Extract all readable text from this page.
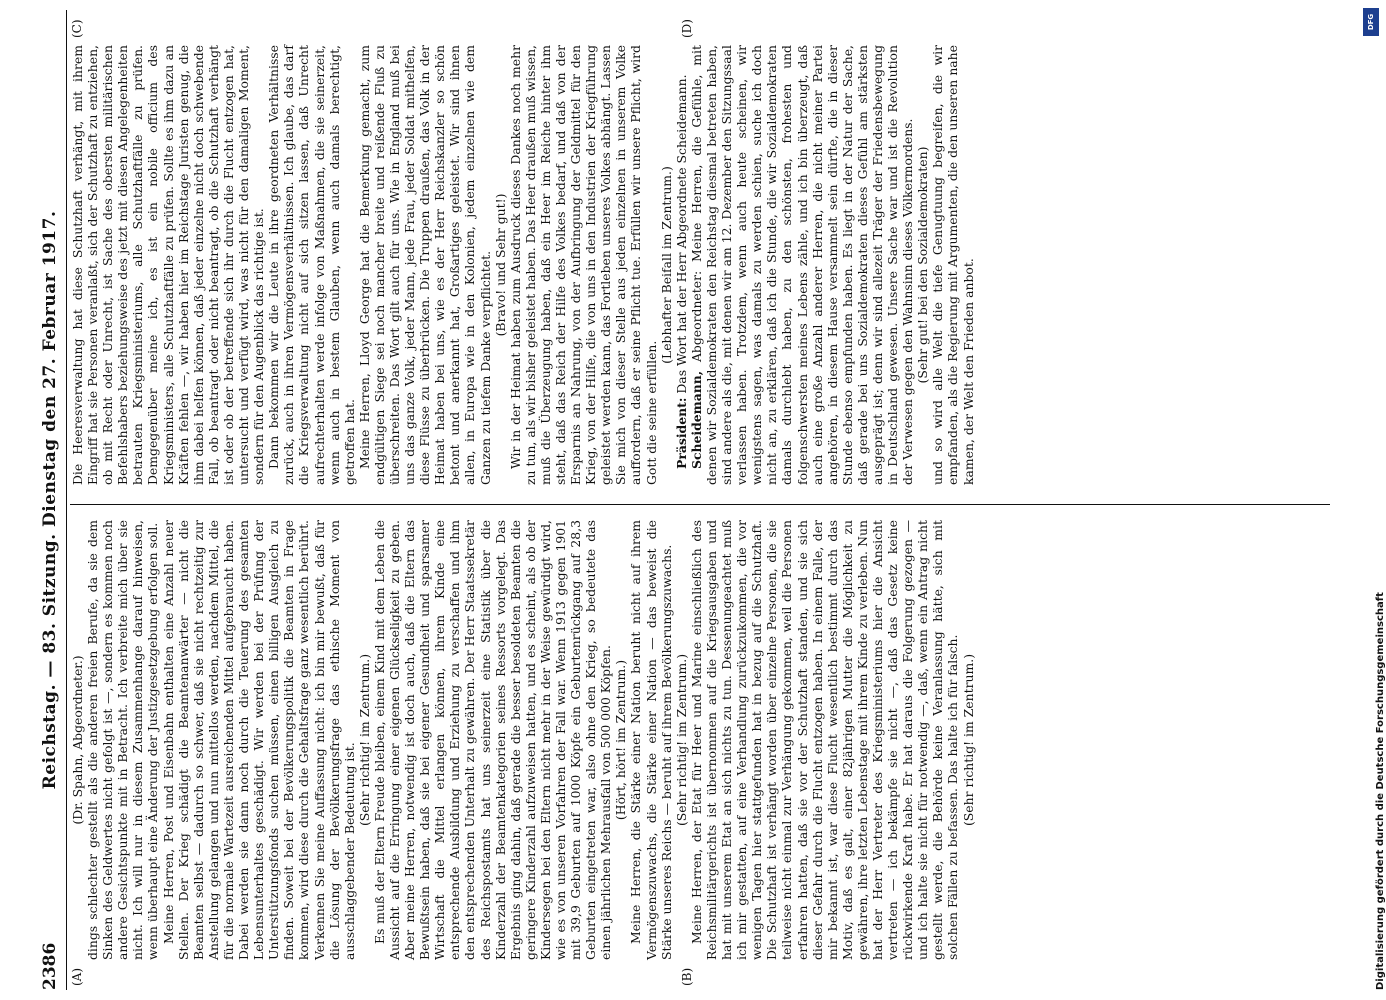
2386
Reichstag. — 83. Sitzung. Dienstag den 27. Februar 1917.
(A)	(B)
(C)	(D)

(Dr. Spahn, Abgeordneter.) dings schlechter gestellt als die anderen freien Berufe, da sie dem Sinken des Geldwertes nicht gefolgt ist —, sondern es kommen noch andere Gesichtspunkte mit in Betracht. Ich verbreite mich über sie nicht. Ich will nur in diesem Zusammenhange darauf hinweisen, wenn überhaupt eine Änderung der Justizgesetzgebung erfolgen soll. Meine Herren, Post und Eisenbahn enthalten eine Anzahl neuer Stellen. Der Krieg schädigt die Beamtenanwärter — nicht die Beamten selbst — dadurch so schwer, daß sie nicht rechtzeitig zur Anstellung gelangen und nun mittellos werden, nachdem Mittel, die für die normale Wartezeit ausreichenden Mittel aufgebraucht haben. Dabei werden sie dann noch durch die Teuerung des gesamten Lebensunterhaltes geschädigt. Wir werden bei der Prüfung der Unterstützungsfonds suchen müssen, einen billigen Ausgleich zu finden. Soweit bei der Bevölkerungspolitik die Beamten in Frage kommen, wird diese durch die Gehaltsfrage ganz wesentlich berührt. Verkennen Sie meine Auffassung nicht: ich bin mir bewußt, daß für die Lösung der Bevölkerungsfrage das ethische Moment von ausschlaggebender Bedeutung ist.

(Sehr richtig! im Zentrum.) Es muß der Eltern Freude bleiben, einem Kind mit dem Leben die Aussicht auf die Erringung einer eigenen Glückseligkeit zu geben. Aber meine Herren, notwendig ist doch auch, daß die Eltern das Bewußtsein haben, daß sie bei eigener Gesundheit und sparsamer Wirtschaft die Mittel erlangen können, ihrem Kinde eine entsprechende Ausbildung und Erziehung zu verschaffen und ihm den entsprechenden Unterhalt zu gewähren. Der Herr Staatssekretär des Reichspostamts hat uns seinerzeit eine Statistik über die Kinderzahl der Beamtenkategorien seines Ressorts vorgelegt. Das Ergebnis ging dahin, daß gerade die besser besoldeten Beamten die geringere Kinderzahl aufzuweisen hatten, und es scheint, als ob der Kindersegen bei den Eltern nicht mehr in der Weise gewürdigt wird, wie es von unseren Vorfahren der Fall war. Wenn 1913 gegen 1901 mit 39,9 Geburten auf 1000 Köpfe ein Geburtenrückgang auf 28,3 Geburten eingetreten war, also ohne den Krieg, so bedeutete das einen jährlichen Mehrausfall von 500 000 Köpfen. (Hört, hört! im Zentrum.) Meine Herren, die Stärke einer Nation beruht nicht auf ihrem Vermögenszuwachs, die Stärke einer Nation — das beweist die Stärke unseres Reichs — beruht auf ihrem Bevölkerungszuwachs. (Sehr richtig! im Zentrum.) Meine Herren, der Etat für Heer und Marine einschließlich des Reichsmilitärgerichts ist übernommen auf die Kriegsausgaben und hat mit unserem Etat an sich nichts zu tun. Dessenungeachtet muß ich mir gestatten, auf eine Verhandlung zurückzukommen, die vor wenigen Tagen hier stattgefunden hat in bezug auf die Schutzhaft. Die Schutzhaft ist verhängt worden über einzelne Personen, die sie teilweise nicht einmal zur Verhängung gekommen, weil die Personen erfahren hatten, daß sie vor der Schutzhaft standen, und sie sich dieser Gefahr durch die Flucht entzogen haben. In einem Falle, der mir bekannt ist, war diese Flucht wesentlich bestimmt durch das Motiv, daß es galt, einer 82jährigen Mutter die Möglichkeit zu gewähren, ihre letzten Lebenstage mit ihrem Kinde zu verleben. Nun hat der Herr Vertreter des Kriegsministeriums hier die Ansicht vertreten — ich bekämpfe sie nicht —, daß das Gesetz keine rückwirkende Kraft habe. Er hat daraus die Folgerung gezogen — und ich halte sie nicht für notwendig —, daß, wenn ein Antrag nicht gestellt werde, die Behörde keine Veranlassung hätte, sich mit solchen Fällen zu befassen. Das halte ich für falsch. (Sehr richtig! im Zentrum.)

Die Heeresverwaltung hat diese Schutzhaft verhängt, mit ihrem Eingriff hat sie Personen veranlaßt, sich der Schutzhaft zu entziehen, ob mit Recht oder Unrecht, ist Sache des obersten militärischen Befehlshabers beziehungsweise des jetzt mit diesen Angelegenheiten betrauten Kriegsministeriums, alle Schutzhaftfälle zu prüfen. Demgegenüber meine ich, es ist ein nobile officium des Kriegsministers, alle Schutzhaftfälle zu prüfen. Sollte es ihm dazu an Kräften fehlen —, wir haben hier im Reichstage Juristen genug, die ihm dabei helfen können, daß jeder einzelne nicht doch schwebende Fall, ob beantragt oder nicht beantragt, ob die Schutzhaft verhängt ist oder ob der betreffende sich ihr durch die Flucht entzogen hat, untersucht und verfügt wird, was nicht für den damaligen Moment, sondern für den Augenblick das richtige ist. Dann bekommen wir die Leute in ihre geordneten Verhältnisse zurück, auch in ihren Vermögensverhältnissen. Ich glaube, das darf die Kriegsverwaltung nicht auf sich sitzen lassen, daß Unrecht aufrechterhalten werde infolge von Maßnahmen, die sie seinerzeit, wenn auch in bestem Glauben, wenn auch damals berechtigt, getroffen hat. Meine Herren, Lloyd George hat die Bemerkung gemacht, zum endgültigen Siege sei noch mancher breite und reißende Fluß zu überschreiten. Das Wort gilt auch für uns. Wie in England muß bei uns das ganze Volk, jeder Mann, jede Frau, jeder Soldat mithelfen, diese Flüsse zu überbrücken. Die Truppen draußen, das Volk in der Heimat haben bei uns, wie es der Herr Reichskanzler so schön betont und anerkannt hat, Großartiges geleistet. Wir sind ihnen allen, in Europa wie in den Kolonien, jedem einzelnen wie dem Ganzen zu tiefem Danke verpflichtet. (Bravo! und Sehr gut!) Wir in der Heimat haben zum Ausdruck dieses Dankes noch mehr zu tun, als wir bisher geleistet haben. Das Heer draußen muß wissen, muß die Überzeugung haben, daß ein Heer im Reiche hinter ihm steht, daß das Reich der Hilfe des Volkes bedarf, und daß von der Ersparnis an Nahrung, von der Aufbringung der Geldmittel für den Krieg, von der Hilfe, die von uns in den Industrien der Kriegführung geleistet werden kann, das Fortleben unseres Volkes abhängt. Lassen Sie mich von dieser Stelle aus jeden einzelnen in unserem Volke auffordern, daß er seine Pflicht tue. Erfüllen wir unsere Pflicht, wird Gott die seine erfüllen.

(Lebhafter Beifall im Zentrum.)

Präsident: Das Wort hat der Herr Abgeordnete Scheidemann.

Scheidemann, Abgeordneter: Meine Herren, die Gefühle, mit denen wir Sozialdemokraten den Reichstag diesmal betreten haben, sind andere als die, mit denen wir am 12. Dezember den Sitzungssaal verlassen haben. Trotzdem, wenn auch heute scheinen, wir wenigstens sagen, was damals zu werden schien, suche ich doch nicht an, zu erklären, daß ich die Stunde, die wir Sozialdemokraten damals durchlebt haben, zu den schönsten, frohesten und folgenschwersten meines Lebens zähle, und ich bin überzeugt, daß auch eine große Anzahl anderer Herren, die nicht meiner Partei angehören, in diesem Hause versammelt sein dürfte, die in dieser Stunde ebenso empfunden haben. Es liegt in der Natur der Sache, daß gerade bei uns Sozialdemokraten dieses Gefühl am stärksten ausgeprägt ist; denn wir sind allezeit Träger der Friedensbewegung in Deutschland gewesen. Unsere Sache war und ist die Revolution der Verwesen gegen den Wahnsinn dieses Völkermordens. (Sehr gut! bei den Sozialdemokraten) und so wird alle Welt die tiefe Genugtuung begreifen, die wir empfanden, als die Regierung mit Argumenten, die den unseren nahe kamen, der Welt den Frieden anbot.

Digitalisierung gefördert durch die Deutsche Forschungsgemeinschaft
DFG
